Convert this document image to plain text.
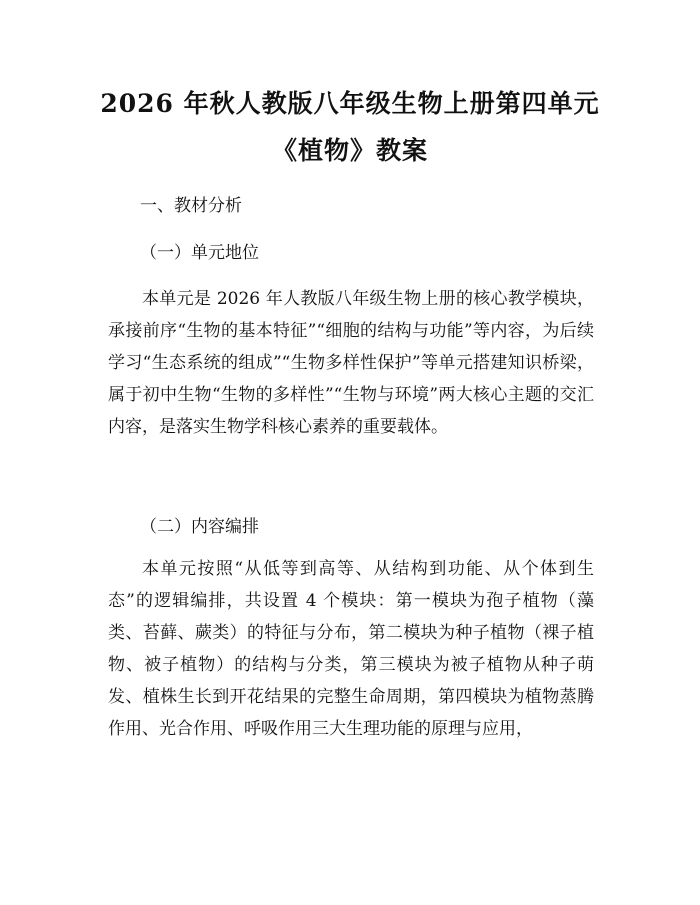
2026 年秋人教版八年级生物上册第四单元
《植物》教案
一、教材分析
（一）单元地位

本单元是 2026 年人教版八年级生物上册的核心教学模块，承接前序“生物的基本特征”“细胞的结构与功能”等内容，为后续学习“生态系统的组成”“生物多样性保护”等单元搭建知识桥梁，属于初中生物“生物的多样性”“生物与环境”两大核心主题的交汇内容，是落实生物学科核心素养的重要载体。

（二）内容编排

本单元按照“从低等到高等、从结构到功能、从个体到生态”的逻辑编排，共设置 4 个模块：第一模块为孢子植物（藻类、苔藓、蕨类）的特征与分布，第二模块为种子植物（裸子植物、被子植物）的结构与分类，第三模块为被子植物从种子萌发、植株生长到开花结果的完整生命周期，第四模块为植物蒸腾作用、光合作用、呼吸作用三大生理功能的原理与应用，
